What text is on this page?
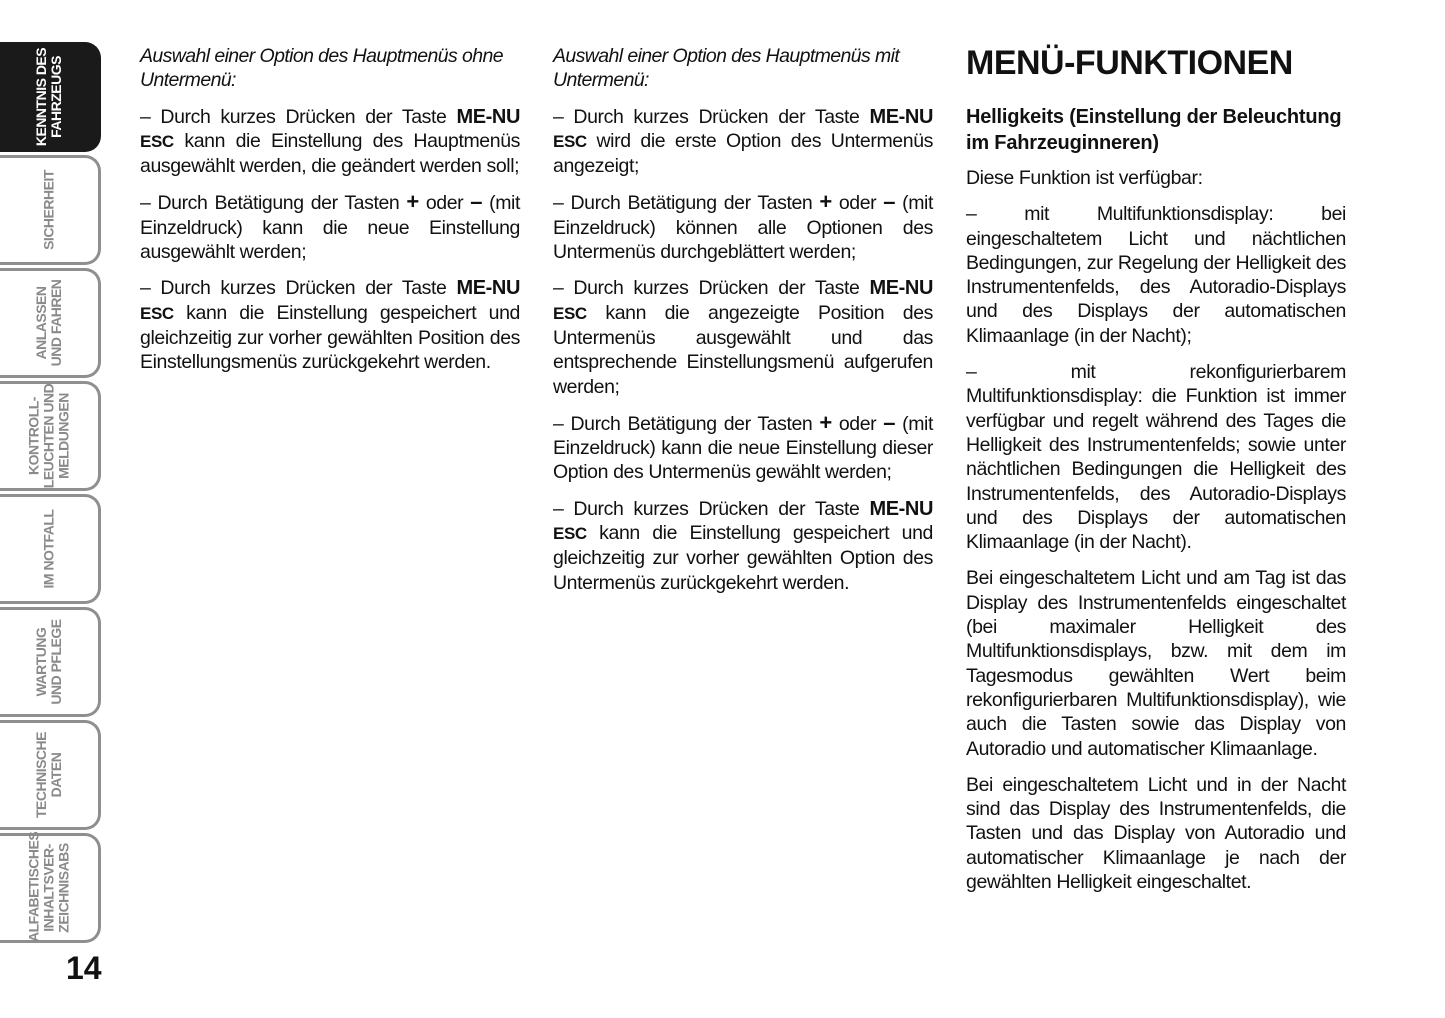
KENNTNIS DES
FAHRZEUGS
SICHERHEIT
ANLASSEN
UND FAHREN
KONTROLL-
LEUCHTEN UND
MELDUNGEN
IM NOTFALL
WARTUNG
UND PFLEGE
TECHNISCHE
DATEN
ALFABETISCHES
INHALTSVER-
ZEICHNISABS
14

Auswahl einer Option des Hauptmenüs ohne Untermenü:

– Durch kurzes Drücken der Taste ME-NU ESC kann die Einstellung des Hauptmenüs ausgewählt werden, die geändert werden soll;

– Durch Betätigung der Tasten + oder – (mit Einzeldruck) kann die neue Einstellung ausgewählt werden;

– Durch kurzes Drücken der Taste ME-NU ESC kann die Einstellung gespeichert und gleichzeitig zur vorher gewählten Position des Einstellungsmenüs zurückgekehrt werden.

Auswahl einer Option des Hauptmenüs mit Untermenü:

– Durch kurzes Drücken der Taste ME-NU ESC wird die erste Option des Untermenüs angezeigt;

– Durch Betätigung der Tasten + oder – (mit Einzeldruck) können alle Optionen des Untermenüs durchgeblättert werden;

– Durch kurzes Drücken der Taste ME-NU ESC kann die angezeigte Position des Untermenüs ausgewählt und das entsprechende Einstellungsmenü aufgerufen werden;

– Durch Betätigung der Tasten + oder – (mit Einzeldruck) kann die neue Einstellung dieser Option des Untermenüs gewählt werden;

– Durch kurzes Drücken der Taste ME-NU ESC kann die Einstellung gespeichert und gleichzeitig zur vorher gewählten Option des Untermenüs zurückgekehrt werden.

MENÜ-FUNKTIONEN
Helligkeits (Einstellung der Beleuchtung im Fahrzeuginneren)

Diese Funktion ist verfügbar:

– mit Multifunktionsdisplay: bei eingeschaltetem Licht und nächtlichen Bedingungen, zur Regelung der Helligkeit des Instrumentenfelds, des Autoradio-Displays und des Displays der automatischen Klimaanlage (in der Nacht);

– mit rekonfigurierbarem Multifunktionsdisplay: die Funktion ist immer verfügbar und regelt während des Tages die Helligkeit des Instrumentenfelds; sowie unter nächtlichen Bedingungen die Helligkeit des Instrumentenfelds, des Autoradio-Displays und des Displays der automatischen Klimaanlage (in der Nacht).

Bei eingeschaltetem Licht und am Tag ist das Display des Instrumentenfelds eingeschaltet (bei maximaler Helligkeit des Multifunktionsdisplays, bzw. mit dem im Tagesmodus gewählten Wert beim rekonfigurierbaren Multifunktionsdisplay), wie auch die Tasten sowie das Display von Autoradio und automatischer Klimaanlage.

Bei eingeschaltetem Licht und in der Nacht sind das Display des Instrumentenfelds, die Tasten und das Display von Autoradio und automatischer Klimaanlage je nach der gewählten Helligkeit eingeschaltet.
